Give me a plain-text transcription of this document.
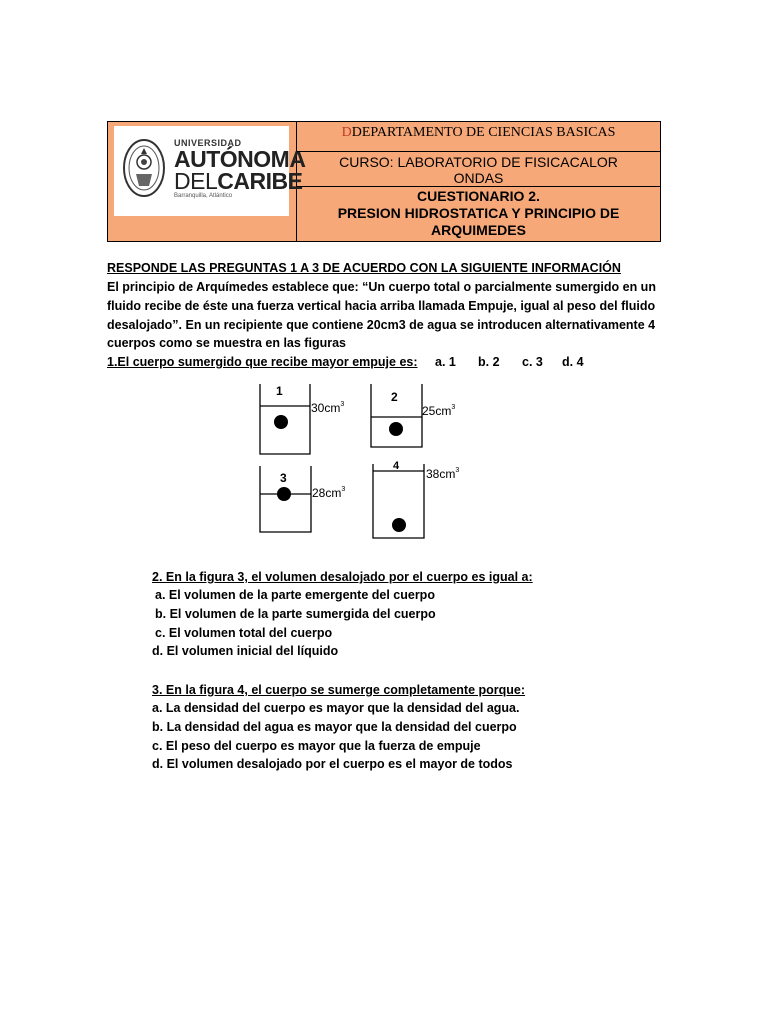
UNIVERSIDAD
AUTÓNOMA
DELCARIBE
Barranquilla, Atlántico
DDEPARTAMENTO DE CIENCIAS BASICAS
CURSO: LABORATORIO DE FISICACALOR
ONDAS
CUESTIONARIO 2.
PRESION HIDROSTATICA Y PRINCIPIO DE
ARQUIMEDES
RESPONDE LAS PREGUNTAS 1 A 3 DE ACUERDO CON LA SIGUIENTE INFORMACIÓN
El principio de Arquímedes establece que: “Un cuerpo total o parcialmente sumergido en un
fluido recibe de éste una fuerza vertical hacia arriba llamada Empuje, igual al peso del fluido
desalojado”. En un recipiente que contiene 20cm3 de agua se introducen alternativamente 4
cuerpos como se muestra en las figuras
1.El cuerpo sumergido que recibe mayor empuje es: a. 1 b. 2 c. 3 d. 4
1
$30cm^3$
2
$25cm^3$
3
$28cm^3$
4
$38cm^3$
2. En la figura 3, el volumen desalojado por el cuerpo es igual a:
a. El volumen de la parte emergente del cuerpo
b. El volumen de la parte sumergida del cuerpo
c. El volumen total del cuerpo
d. El volumen inicial del líquido
3. En la figura 4, el cuerpo se sumerge completamente porque:
a. La densidad del cuerpo es mayor que la densidad del agua.
b. La densidad del agua es mayor que la densidad del cuerpo
c. El peso del cuerpo es mayor que la fuerza de empuje
d. El volumen desalojado por el cuerpo es el mayor de todos
